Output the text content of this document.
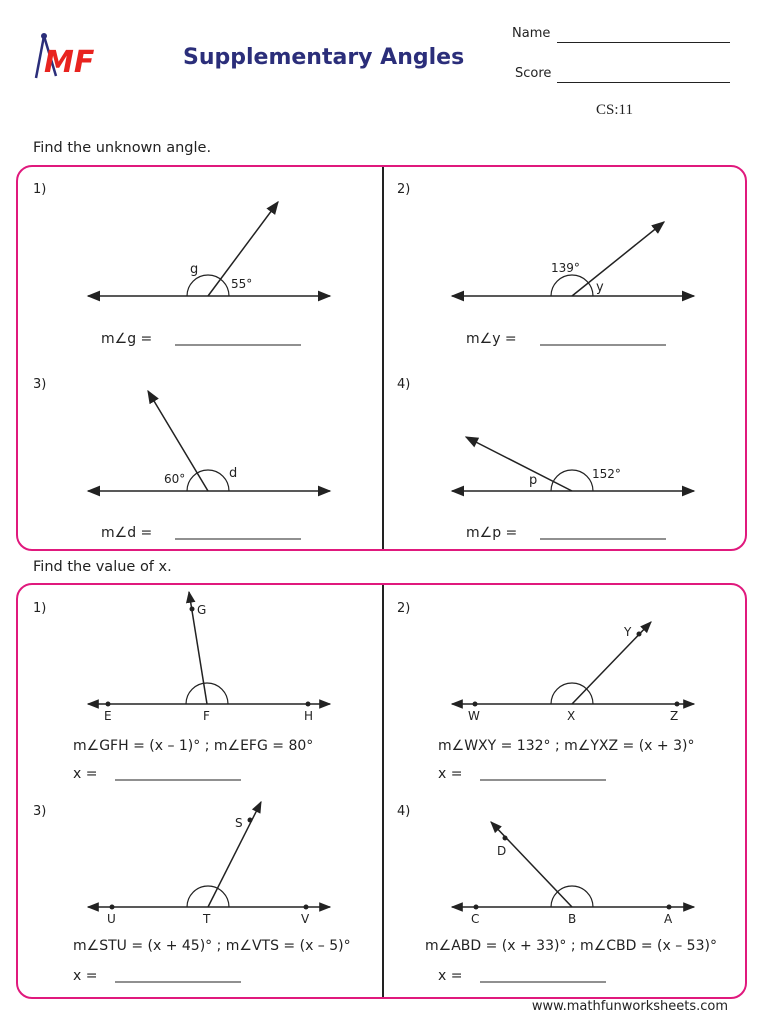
MF	Supplementary Angles
Name
Score
CS:11
Find the unknown angle.
1)
g
55°
m∠g =
2)
139°
y
m∠y =
3)
60°	d
m∠d =
4)
p	152°
m∠p =
Find the value of x.
1)
E	F	H
G
m∠GFH = (x – 1)° ; m∠EFG = 80°
x =
2)
W	X	Z
Y
m∠WXY = 132° ; m∠YXZ = (x + 3)°
x =
3)
U	T	V
S
m∠STU = (x + 45)° ; m∠VTS = (x – 5)°
x =
4)
C	B	A
D
m∠ABD = (x + 33)° ; m∠CBD = (x – 53)°
x =
www.mathfunworksheets.com
